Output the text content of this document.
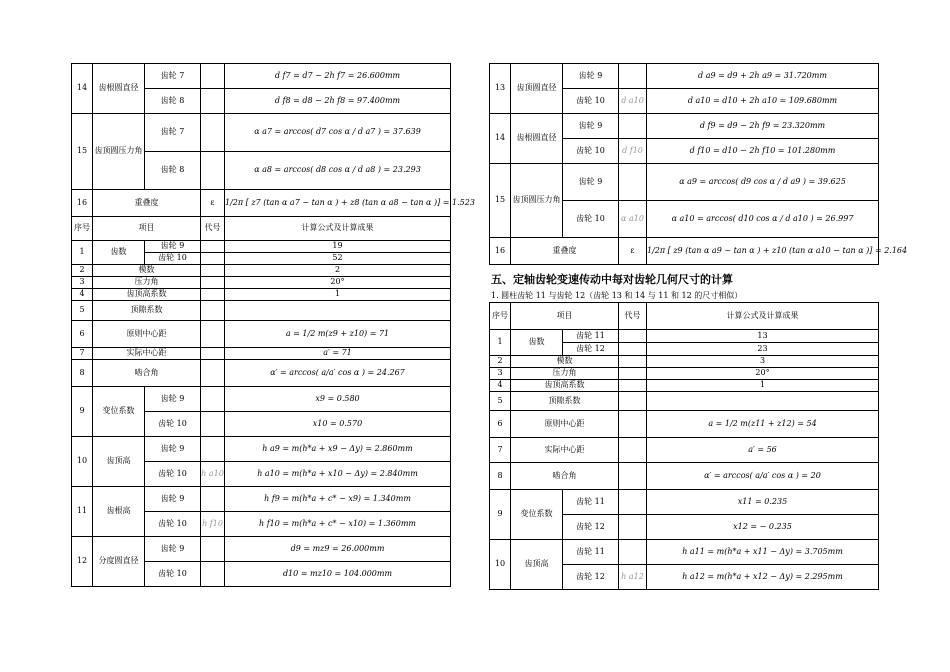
14	齿根圆直径	齿轮 7		d f7 = d7 − 2h f7 = 26.600mm
		齿轮 8		d f8 = d8 − 2h f8 = 97.400mm
15	齿顶圆压力角	齿轮 7		α a7 = arccos( d7 cos α / d a7 ) = 37.639
		齿轮 8		α a8 = arccos( d8 cos α / d a8 ) = 23.293
16	重叠度		ε	1/2π [ z7 (tan α a7 − tan α ) + z8 (tan α a8 − tan α )] = 1.523
序号	项目		代号	计算公式及计算成果
1	齿数	齿轮 9		19
		齿轮 10		52
2	模数			2
3	压力角			20°
4	齿顶高系数			1
5	顶隙系数			
6	原则中心距			a = 1/2 m(z9 + z10) = 71
7	实际中心距			a′ = 71
8	啮合角			α′ = arccos( a/a′ cos α ) = 24.267
9	变位系数	齿轮 9		x9 = 0.580
		齿轮 10		x10 = 0.570
10	齿顶高	齿轮 9		h a9 = m(h*a + x9 − Δy) = 2.860mm
		齿轮 10	h a10	h a10 = m(h*a + x10 − Δy) = 2.840mm
11	齿根高	齿轮 9		h f9 = m(h*a + c* − x9) = 1.340mm
		齿轮 10	h f10	h f10 = m(h*a + c* − x10) = 1.360mm
12	分度圆直径	齿轮 9		d9 = mz9 = 26.000mm
		齿轮 10		d10 = mz10 = 104.000mm
13	齿顶圆直径	齿轮 9		d a9 = d9 + 2h a9 = 31.720mm
		齿轮 10	d a10	d a10 = d10 + 2h a10 = 109.680mm
14	齿根圆直径	齿轮 9		d f9 = d9 − 2h f9 = 23.320mm
		齿轮 10	d f10	d f10 = d10 − 2h f10 = 101.280mm
15	齿顶圆压力角	齿轮 9		α a9 = arccos( d9 cos α / d a9 ) = 39.625
		齿轮 10	α a10	α a10 = arccos( d10 cos α / d a10 ) = 26.997
16	重叠度		ε	1/2π [ z9 (tan α a9 − tan α ) + z10 (tan α a10 − tan α )] = 2.164
五、定轴齿轮变速传动中每对齿轮几何尺寸的计算
1. 圆柱齿轮 11 与齿轮 12（齿轮 13 和 14 与 11 和 12 的尺寸相似）
序号	项目		代号	计算公式及计算成果
1	齿数	齿轮 11		13
		齿轮 12		23
2	模数			3
3	压力角			20°
4	齿顶高系数			1
5	顶隙系数			
6	原则中心距			a = 1/2 m(z11 + z12) = 54
7	实际中心距			a′ = 56
8	啮合角			α′ = arccos( a/a′ cos α ) = 20
9	变位系数	齿轮 11		x11 = 0.235
		齿轮 12		x12 = − 0.235
10	齿顶高	齿轮 11		h a11 = m(h*a + x11 − Δy) = 3.705mm
		齿轮 12	h a12	h a12 = m(h*a + x12 − Δy) = 2.295mm
